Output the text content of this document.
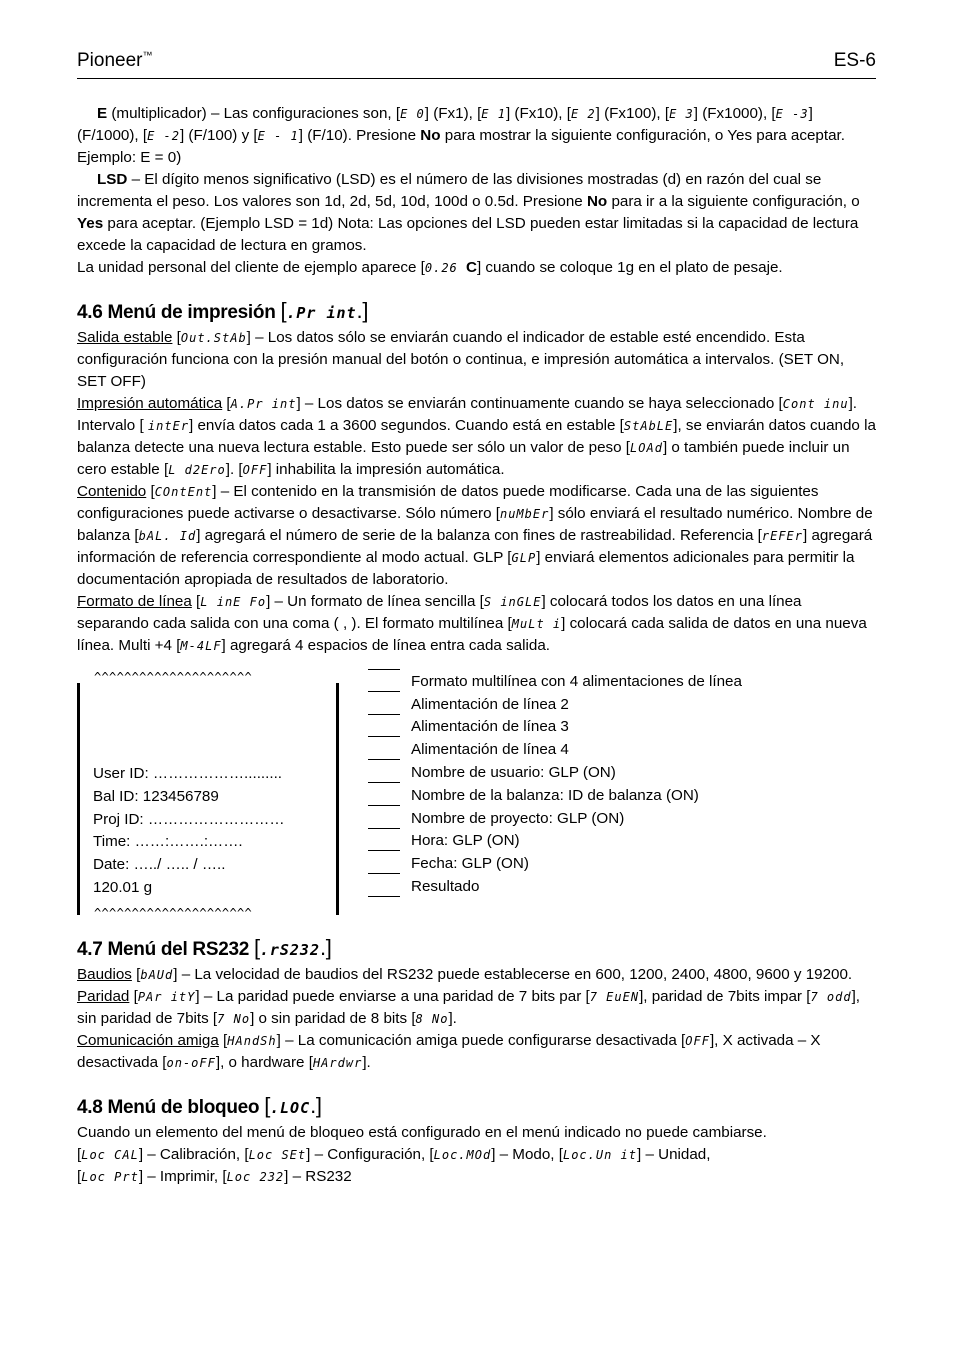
Pioneer™	ES-6

E (multiplicador) – Las configuraciones son, [E 0] (Fx1), [E 1] (Fx10), [E 2] (Fx100), [E 3] (Fx1000), [E -3] (F/1000), [E -2] (F/100) y [E - 1] (F/10). Presione No para mostrar la siguiente configuración, o Yes para aceptar. Ejemplo: E = 0)

LSD – El dígito menos significativo (LSD) es el número de las divisiones mostradas (d) en razón del cual se incrementa el peso. Los valores son 1d, 2d, 5d, 10d, 100d o 0.5d. Presione No para ir a la siguiente configuración, o Yes para aceptar. (Ejemplo LSD = 1d) Nota: Las opciones del LSD pueden estar limitadas si la capacidad de lectura excede la capacidad de lectura en gramos.

La unidad personal del cliente de ejemplo aparece [0.26 C] cuando se coloque 1g en el plato de pesaje.

4.6 Menú de impresión [.Pr int.]

Salida estable [Out.StAb] – Los datos sólo se enviarán cuando el indicador de estable esté encendido. Esta configuración funciona con la presión manual del botón o continua, e impresión automática a intervalos. (SET ON, SET OFF)

Impresión automática [A.Pr int] – Los datos se enviarán continuamente cuando se haya seleccionado [Cont inu]. Intervalo [ intEr] envía datos cada 1 a 3600 segundos. Cuando está en estable [StAbLE], se enviarán datos cuando la balanza detecte una nueva lectura estable. Esto puede ser sólo un valor de peso [LOAd] o también puede incluir un cero estable [L d2Ero]. [OFF] inhabilita la impresión automática.

Contenido [COntEnt] – El contenido en la transmisión de datos puede modificarse. Cada una de las siguientes configuraciones puede activarse o desactivarse. Sólo número [nuMbEr] sólo enviará el resultado numérico. Nombre de balanza [bAL. Id] agregará el número de serie de la balanza con fines de rastreabilidad. Referencia [rEFEr] agregará información de referencia correspondiente al modo actual. GLP [GLP] enviará elementos adicionales para permitir la documentación apropiada de resultados de laboratorio.

Formato de línea [L inE Fo] – Un formato de línea sencilla [S inGLE] colocará todos los datos en una línea separando cada salida con una coma ( , ). El formato multilínea [MuLt i] colocará cada salida de datos en una nueva línea. Multi +4 [M-4LF] agregará 4 espacios de línea entra cada salida.

^^^^^^^^^^^^^^^^^^^^^
User ID: ……………….........
Bal ID: 123456789
Proj ID: ………………………
Time: ……:…….:…….
Date: …../ ….. / …..
120.01 g
^^^^^^^^^^^^^^^^^^^^^
Formato multilínea con 4 alimentaciones de línea
Alimentación de línea 2
Alimentación de línea 3
Alimentación de línea 4
Nombre de usuario: GLP (ON)
Nombre de la balanza: ID de balanza (ON)
Nombre de proyecto: GLP (ON)
Hora: GLP (ON)
Fecha: GLP (ON)
Resultado
4.7 Menú del RS232 [.rS232.]

Baudios [bAUd] – La velocidad de baudios del RS232 puede establecerse en 600, 1200, 2400, 4800, 9600 y 19200.

Paridad [PAr itY] – La paridad puede enviarse a una paridad de 7 bits par [7 EuEN], paridad de 7bits impar [7 odd], sin paridad de 7bits [7 No] o sin paridad de 8 bits [8 No].

Comunicación amiga [HAndSh] – La comunicación amiga puede configurarse desactivada [OFF], X activada – X desactivada [on-oFF], o hardware [HArdwr].

4.8 Menú de bloqueo [.LOC.]

Cuando un elemento del menú de bloqueo está configurado en el menú indicado no puede cambiarse.

[Loc CAL] – Calibración, [Loc SEt] – Configuración, [Loc.MOd] – Modo, [Loc.Un it] – Unidad,

[Loc Prt] – Imprimir, [Loc 232] – RS232
